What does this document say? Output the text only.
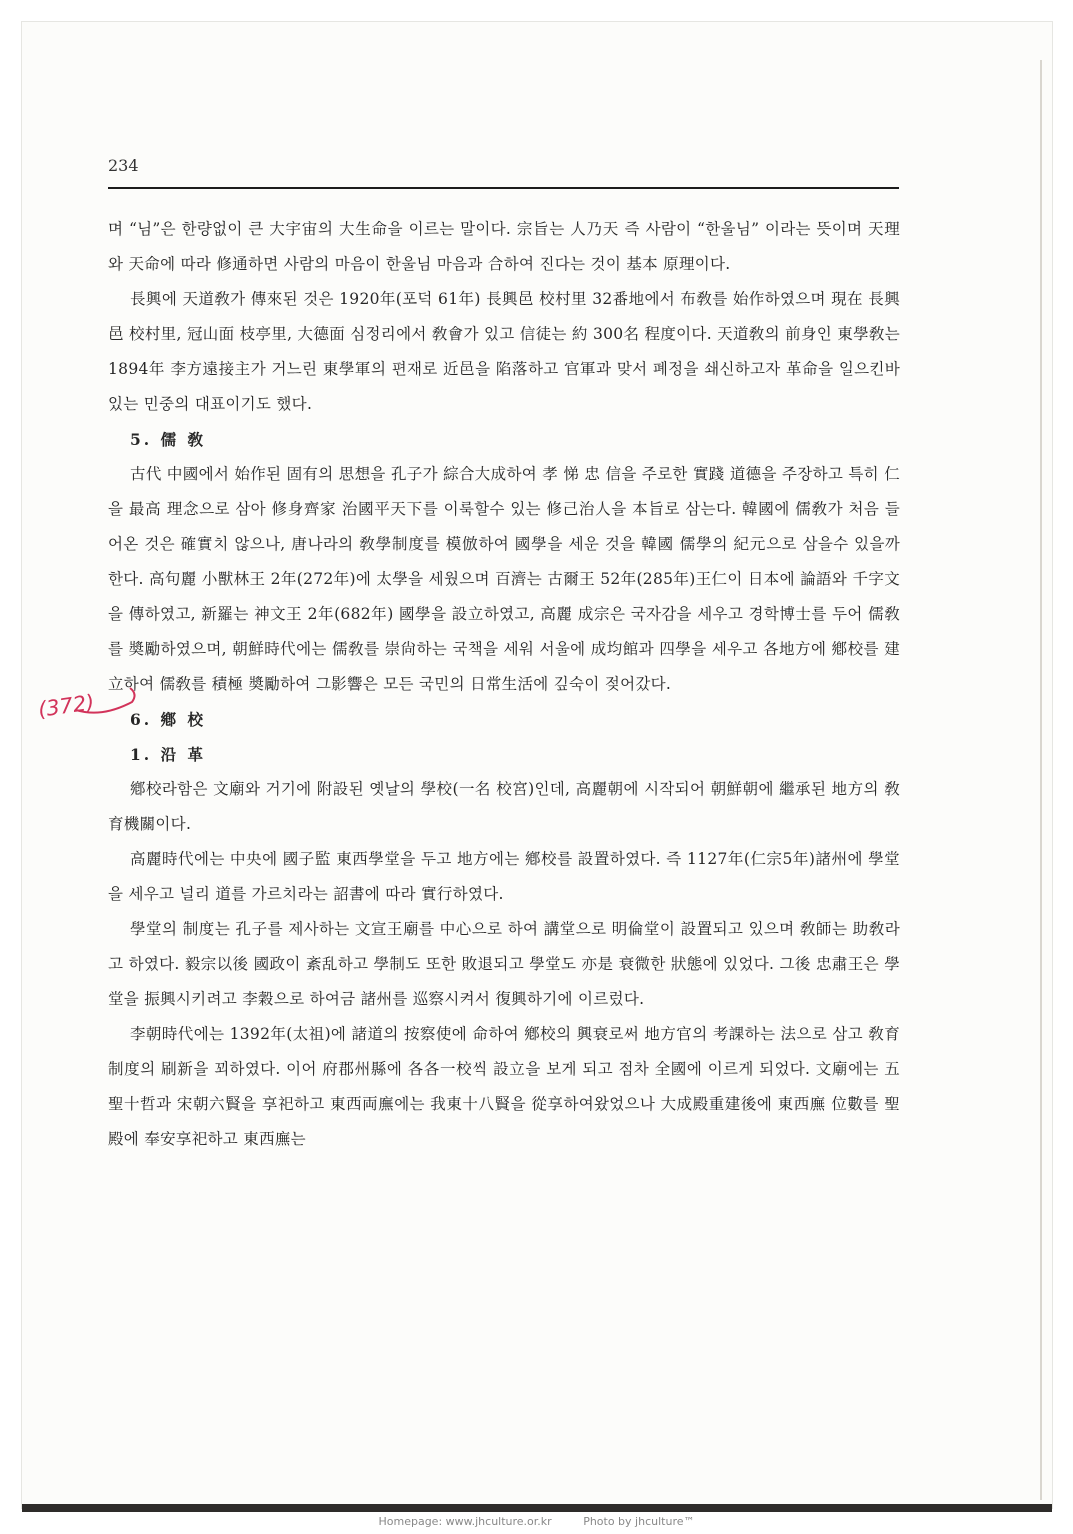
234

며 “님”은 한량없이 큰 大宇宙의 大生命을 이르는 말이다. 宗旨는 人乃天 즉 사람이 “한울님” 이라는 뜻이며 天理와 天命에 따라 修通하면 사람의 마음이 한울님 마음과 合하여 진다는 것이 基本 原理이다.

長興에 天道敎가 傳來된 것은 1920年(포덕 61年) 長興邑 校村里 32番地에서 布敎를 始作하였으며 現在 長興邑 校村里, 冠山面 枝亭里, 大德面 심정리에서 敎會가 있고 信徒는 約 300名 程度이다. 天道敎의 前身인 東學敎는 1894年 李方遠接主가 거느린 東學軍의 편재로 近邑을 陷落하고 官軍과 맞서 폐정을 쇄신하고자 革命을 일으킨바 있는 민중의 대표이기도 했다.

5. 儒 敎

古代 中國에서 始作된 固有의 思想을 孔子가 綜合大成하여 孝 悌 忠 信을 주로한 實踐 道德을 주장하고 특히 仁을 最高 理念으로 삼아 修身齊家 治國平天下를 이룩할수 있는 修己治人을 本旨로 삼는다. 韓國에 儒敎가 처음 들어온 것은 確實치 않으나, 唐나라의 敎學制度를 模倣하여 國學을 세운 것을 韓國 儒學의 紀元으로 삼을수 있을까 한다. 高句麗 小獸林王 2年(272年)에 太學을 세웠으며 百濟는 古爾王 52年(285年)王仁이 日本에 論語와 千字文을 傳하였고, 新羅는 神文王 2年(682年) 國學을 設立하였고, 高麗 成宗은 국자감을 세우고 경학博士를 두어 儒敎를 奬勵하였으며, 朝鮮時代에는 儒敎를 崇尙하는 국책을 세워 서울에 成均館과 四學을 세우고 各地方에 鄕校를 建立하여 儒敎를 積極 奬勵하여 그影響은 모든 국민의 日常生活에 깊숙이 젖어갔다.

6. 鄕 校

1. 沿 革

鄕校라함은 文廟와 거기에 附設된 옛날의 學校(一名 校宮)인데, 高麗朝에 시작되어 朝鮮朝에 繼承된 地方의 敎育機關이다.

高麗時代에는 中央에 國子監 東西學堂을 두고 地方에는 鄕校를 設置하였다. 즉 1127年(仁宗5年)諸州에 學堂을 세우고 널리 道를 가르치라는 詔書에 따라 實行하였다.

學堂의 制度는 孔子를 제사하는 文宣王廟를 中心으로 하여 講堂으로 明倫堂이 設置되고 있으며 敎師는 助敎라고 하였다. 毅宗以後 國政이 紊乱하고 學制도 또한 敗退되고 學堂도 亦是 衰微한 狀態에 있었다. 그後 忠肅王은 學堂을 振興시키려고 李穀으로 하여금 諸州를 巡察시켜서 復興하기에 이르렀다.

李朝時代에는 1392年(太祖)에 諸道의 按察使에 命하여 鄕校의 興衰로써 地方官의 考課하는 法으로 삼고 敎育制度의 刷新을 꾀하였다. 이어 府郡州縣에 各各一校씩 設立을 보게 되고 점차 全國에 이르게 되었다. 文廟에는 五聖十哲과 宋朝六賢을 享祀하고 東西両廡에는 我東十八賢을 從享하여왔었으나 大成殿重建後에 東西廡 位數를 聖殿에 奉安享祀하고 東西廡는

(372)
Homepage: www.jhculture.or.kr	Photo by jhculture™
